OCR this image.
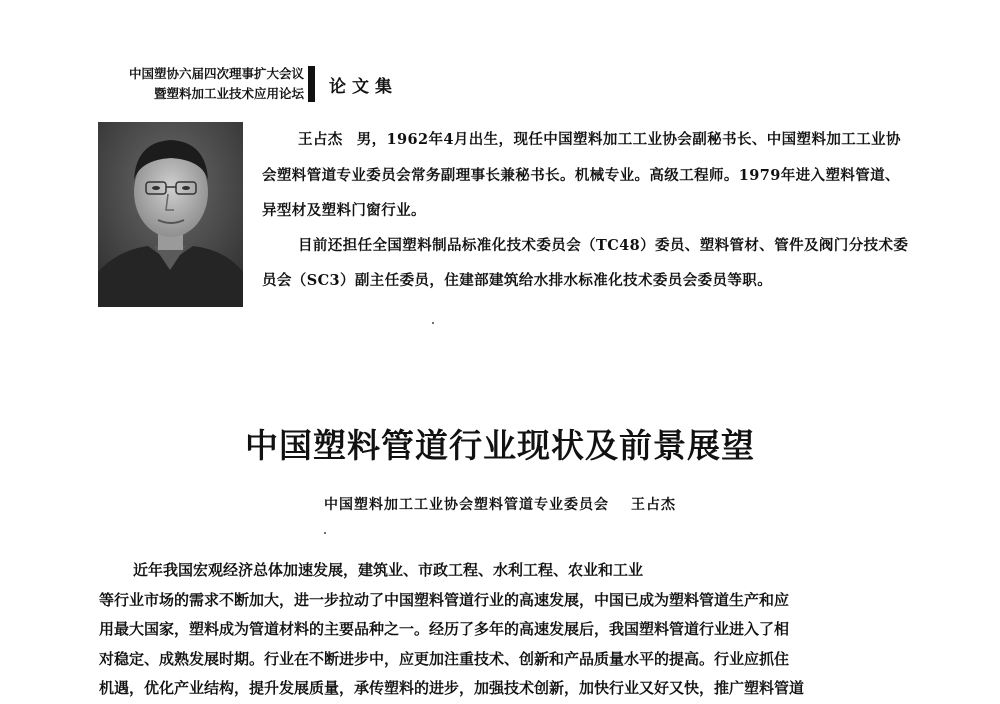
中国塑协六届四次理事扩大会议
暨塑料加工业技术应用论坛 论文集

王占杰 男，1962年4月出生，现任中国塑料加工工业协会副秘书长、中国塑料加工工业协会塑料管道专业委员会常务副理事长兼秘书长。机械专业。高级工程师。1979年进入塑料管道、异型材及塑料门窗行业。

目前还担任全国塑料制品标准化技术委员会（TC48）委员、塑料管材、管件及阀门分技术委员会（SC3）副主任委员，住建部建筑给水排水标准化技术委员会委员等职。

中国塑料管道行业现状及前景展望
中国塑料加工工业协会塑料管道专业委员会 王占杰
近年我国宏观经济总体加速发展，建筑业、市政工程、水利工程、农业和工业
等行业市场的需求不断加大，进一步拉动了中国塑料管道行业的高速发展，中国已成为塑料管道生产和应
用最大国家，塑料成为管道材料的主要品种之一。经历了多年的高速发展后，我国塑料管道行业进入了相
对稳定、成熟发展时期。行业在不断进步中，应更加注重技术、创新和产品质量水平的提高。行业应抓住
机遇，优化产业结构，提升发展质量，承传塑料的进步，加强技术创新，加快行业又好又快，推广塑料管道
